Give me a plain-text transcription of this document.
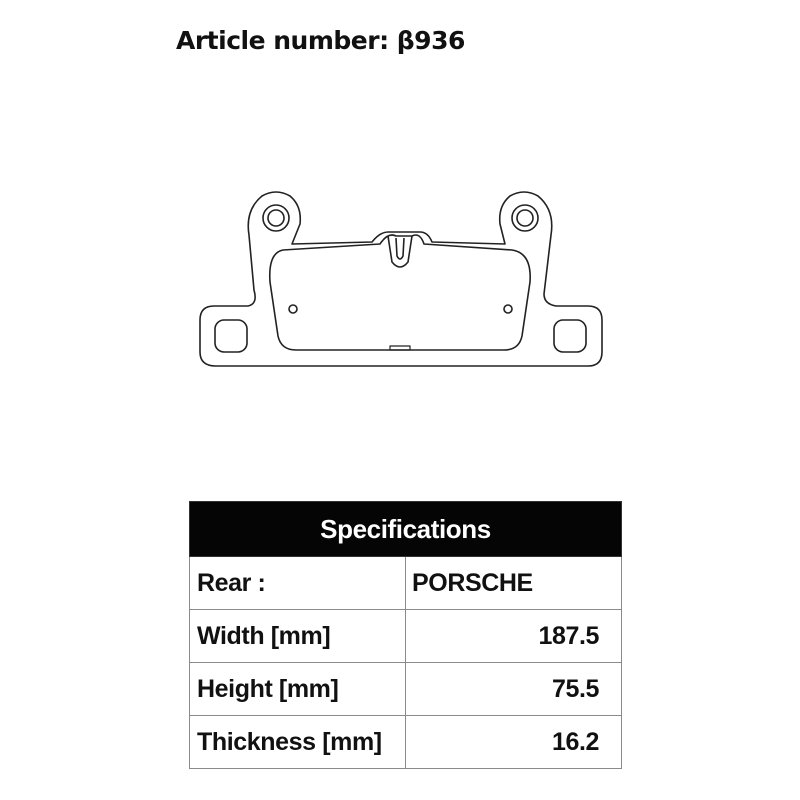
Article number: β936
Specifications	
Rear :	PORSCHE
Width [mm]	187.5
Height [mm]	75.5
Thickness [mm]	16.2
